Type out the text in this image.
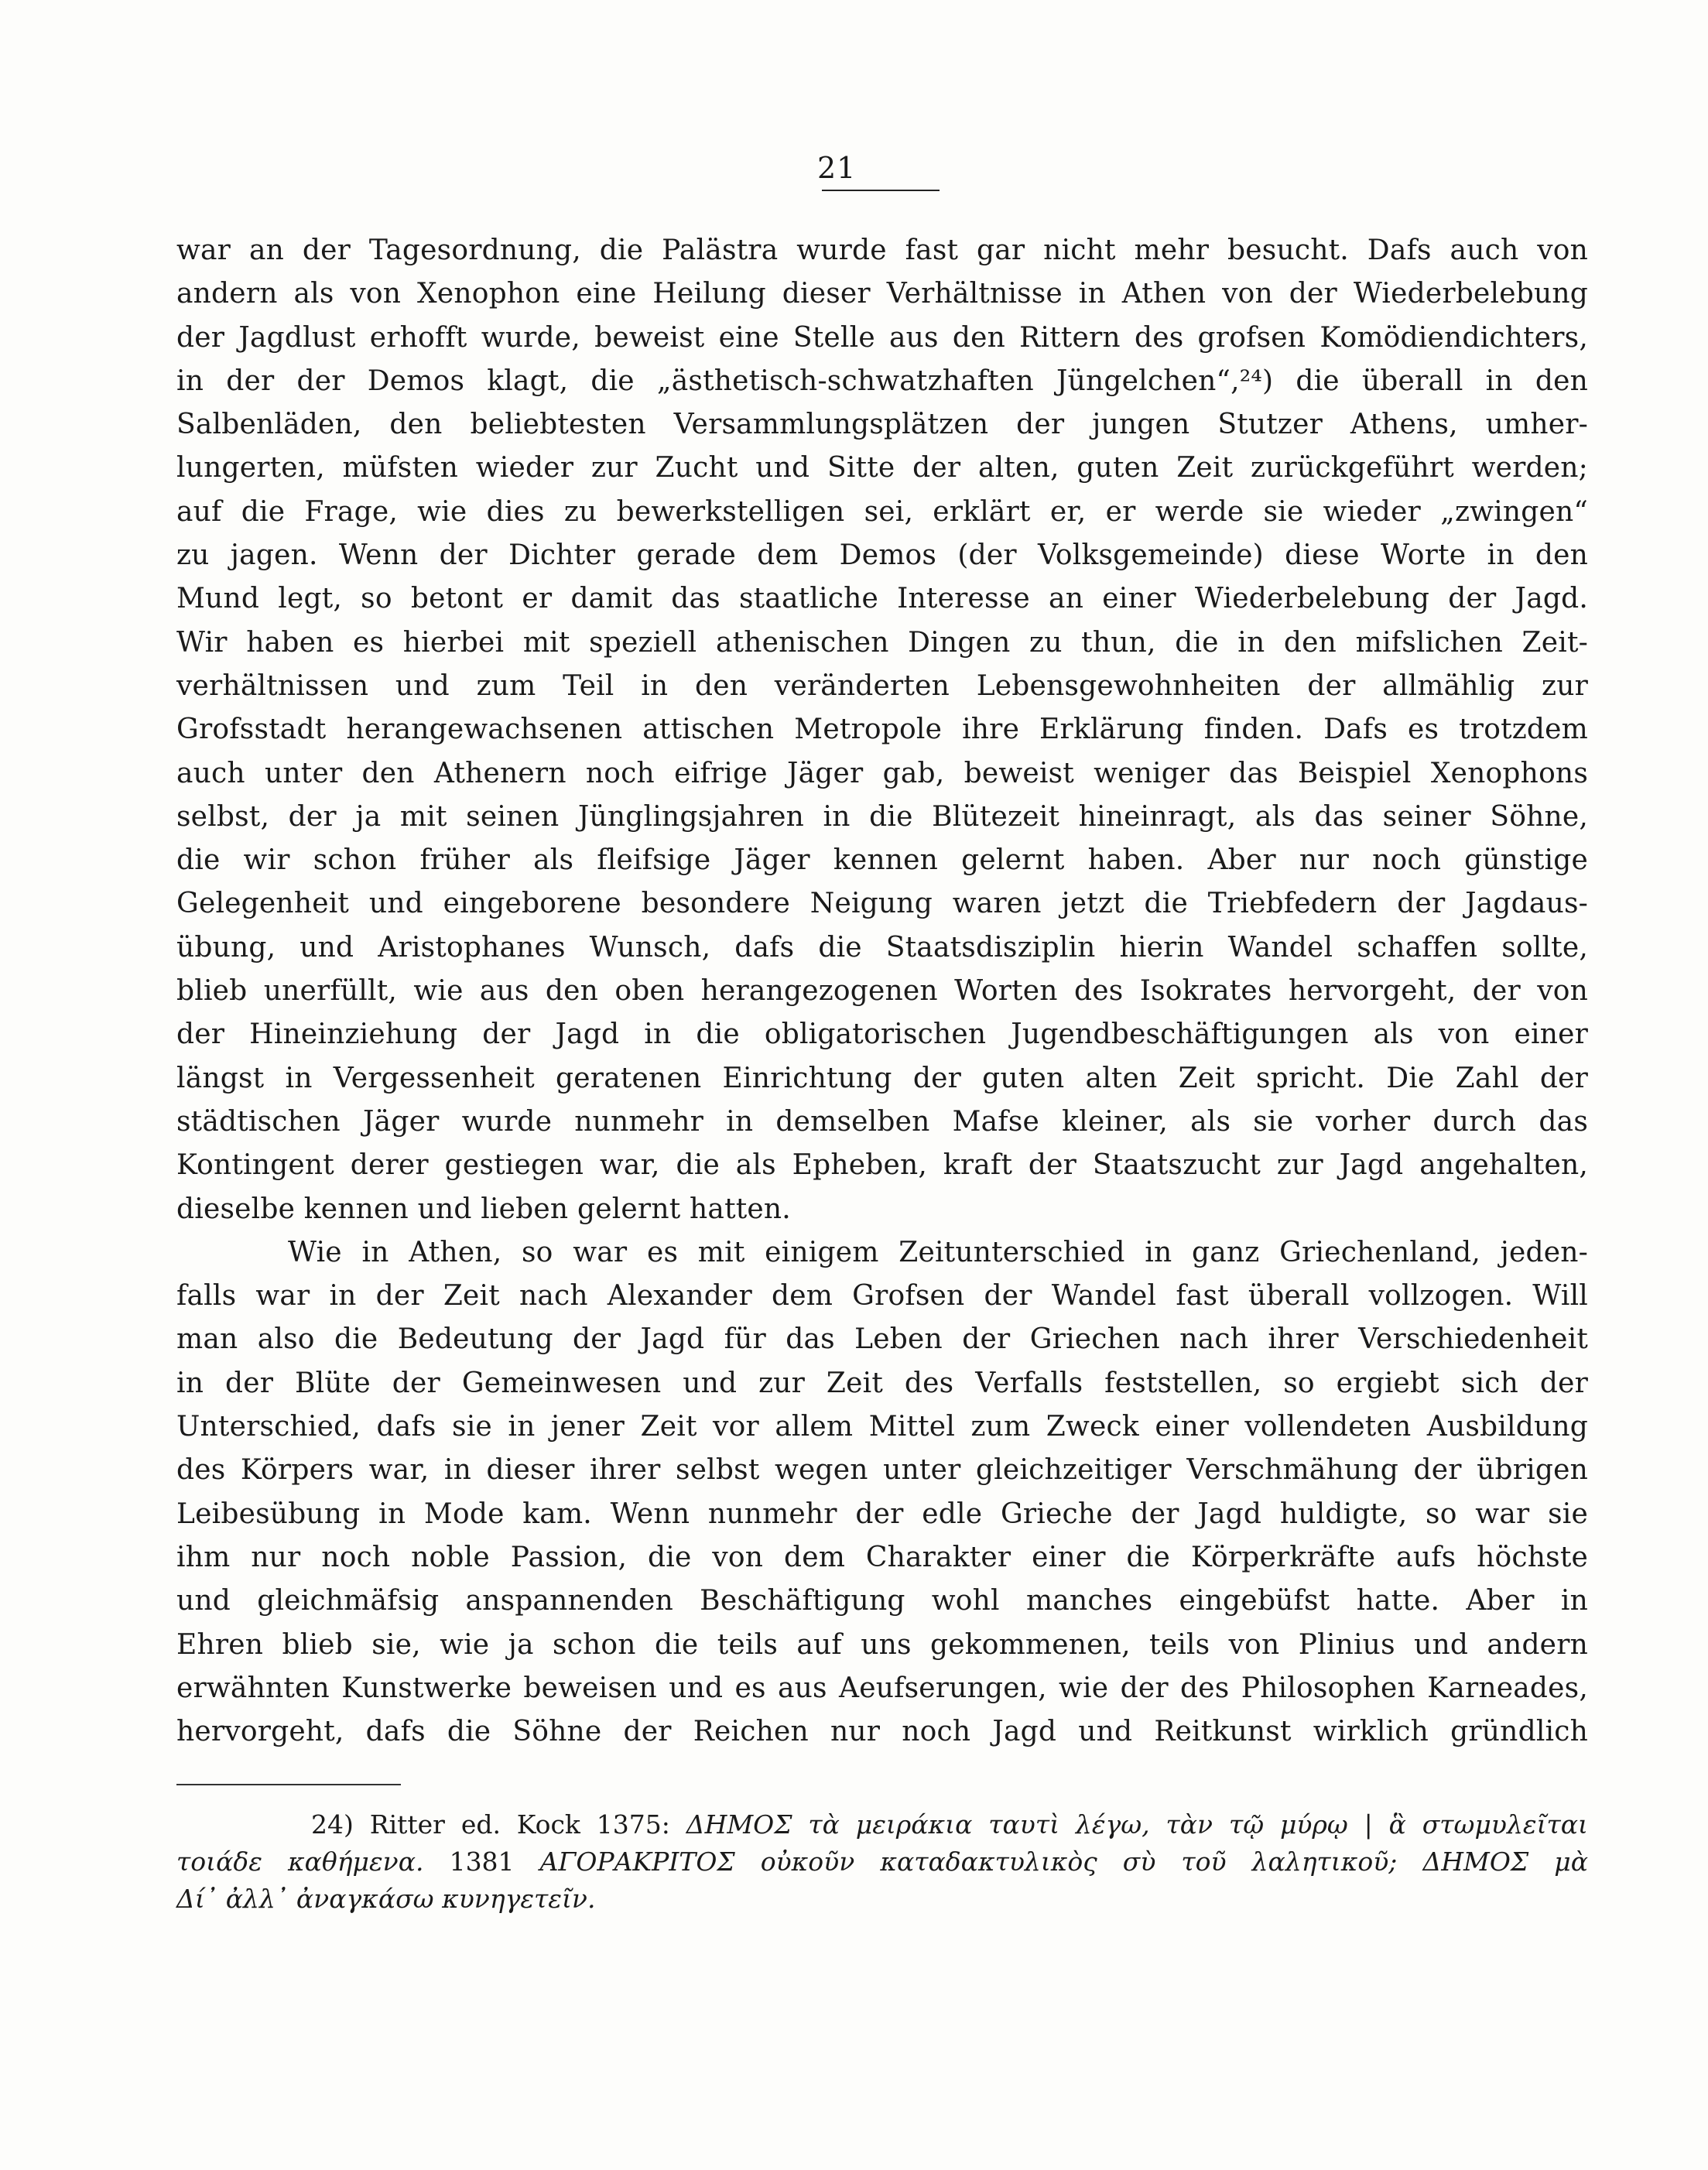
21
war an der Tagesordnung, die Palästra wurde fast gar nicht mehr besucht. Dafs auch von
andern als von Xenophon eine Heilung dieser Verhältnisse in Athen von der Wiederbelebung
der Jagdlust erhofft wurde, beweist eine Stelle aus den Rittern des grofsen Komödiendichters,
in der der Demos klagt, die „ästhetisch-schwatzhaften Jüngelchen“,²⁴) die überall in den
Salbenläden, den beliebtesten Versammlungsplätzen der jungen Stutzer Athens, umher-
lungerten, müfsten wieder zur Zucht und Sitte der alten, guten Zeit zurückgeführt werden;
auf die Frage, wie dies zu bewerkstelligen sei, erklärt er, er werde sie wieder „zwingen“
zu jagen. Wenn der Dichter gerade dem Demos (der Volksgemeinde) diese Worte in den
Mund legt, so betont er damit das staatliche Interesse an einer Wiederbelebung der Jagd.
Wir haben es hierbei mit speziell athenischen Dingen zu thun, die in den mifslichen Zeit-
verhältnissen und zum Teil in den veränderten Lebensgewohnheiten der allmählig zur
Grofsstadt herangewachsenen attischen Metropole ihre Erklärung finden. Dafs es trotzdem
auch unter den Athenern noch eifrige Jäger gab, beweist weniger das Beispiel Xenophons
selbst, der ja mit seinen Jünglingsjahren in die Blütezeit hineinragt, als das seiner Söhne,
die wir schon früher als fleifsige Jäger kennen gelernt haben. Aber nur noch günstige
Gelegenheit und eingeborene besondere Neigung waren jetzt die Triebfedern der Jagdaus-
übung, und Aristophanes Wunsch, dafs die Staatsdisziplin hierin Wandel schaffen sollte,
blieb unerfüllt, wie aus den oben herangezogenen Worten des Isokrates hervorgeht, der von
der Hineinziehung der Jagd in die obligatorischen Jugendbeschäftigungen als von einer
längst in Vergessenheit geratenen Einrichtung der guten alten Zeit spricht. Die Zahl der
städtischen Jäger wurde nunmehr in demselben Mafse kleiner, als sie vorher durch das
Kontingent derer gestiegen war, die als Epheben, kraft der Staatszucht zur Jagd angehalten,
dieselbe kennen und lieben gelernt hatten.
Wie in Athen, so war es mit einigem Zeitunterschied in ganz Griechenland, jeden-
falls war in der Zeit nach Alexander dem Grofsen der Wandel fast überall vollzogen. Will
man also die Bedeutung der Jagd für das Leben der Griechen nach ihrer Verschiedenheit
in der Blüte der Gemeinwesen und zur Zeit des Verfalls feststellen, so ergiebt sich der
Unterschied, dafs sie in jener Zeit vor allem Mittel zum Zweck einer vollendeten Ausbildung
des Körpers war, in dieser ihrer selbst wegen unter gleichzeitiger Verschmähung der übrigen
Leibesübung in Mode kam. Wenn nunmehr der edle Grieche der Jagd huldigte, so war sie
ihm nur noch noble Passion, die von dem Charakter einer die Körperkräfte aufs höchste
und gleichmäfsig anspannenden Beschäftigung wohl manches eingebüfst hatte. Aber in
Ehren blieb sie, wie ja schon die teils auf uns gekommenen, teils von Plinius und andern
erwähnten Kunstwerke beweisen und es aus Aeufserungen, wie der des Philosophen Karneades,
hervorgeht, dafs die Söhne der Reichen nur noch Jagd und Reitkunst wirklich gründlich
24) Ritter ed. Kock 1375: ΔΗΜΟΣ τὰ μειράκια ταυτὶ λέγω, τὰν τῷ μύρῳ | ἃ στωμυλεῖται
τοιάδε καθήμενα. 1381 ΑΓΟΡΑΚΡΙΤΟΣ οὐκοῦν καταδακτυλικὸς σὺ τοῦ λαλητικοῦ; ΔΗΜΟΣ μὰ
Δί᾽ ἀλλ᾽ ἀναγκάσω κυνηγετεῖν.
